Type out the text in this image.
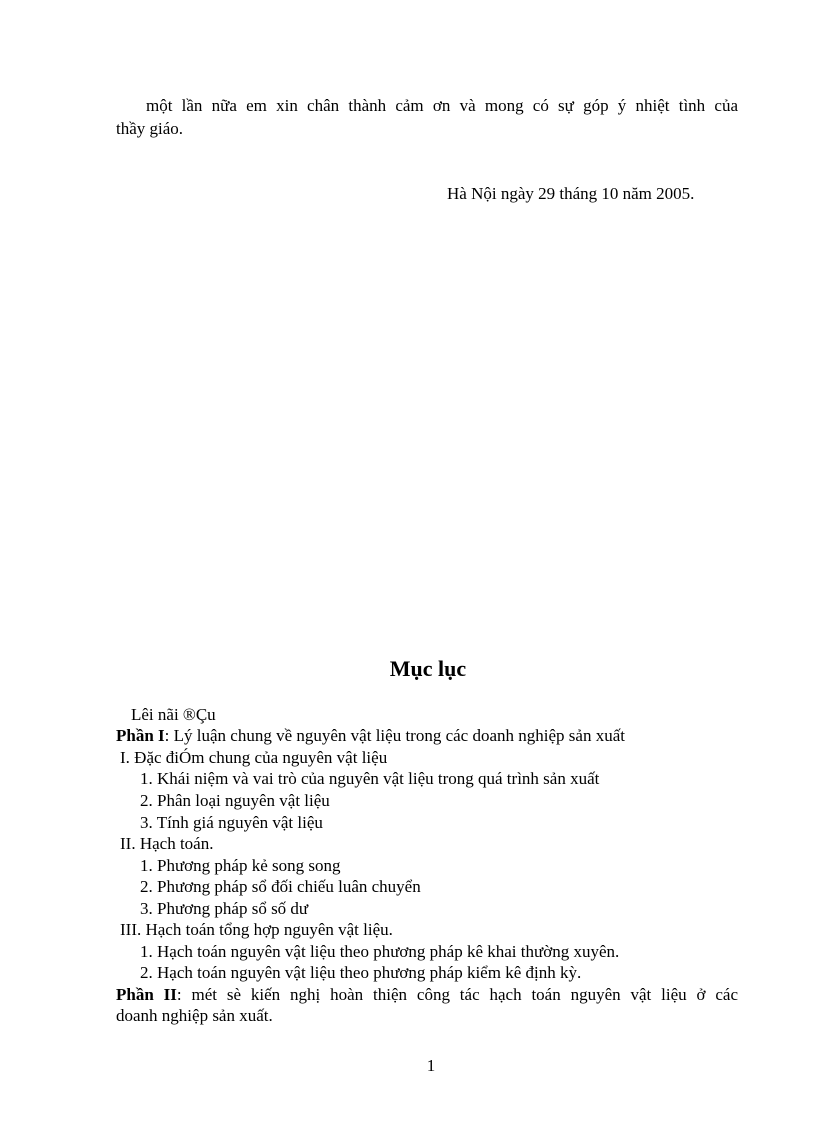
một lần nữa em xin chân thành cảm ơn và mong có sự góp ý nhiệt tình của
thầy giáo.
Hà Nội ngày 29 tháng 10 năm 2005.
Mục lục
Lêi nãi ®Çu
Phần I: Lý luận chung về nguyên vật liệu trong các doanh nghiệp sản xuất
I. Đặc điÓm chung của nguyên vật liệu
1. Khái niệm và vai trò của nguyên vật liệu trong quá trình sản xuất
2. Phân loại nguyên vật liệu
3. Tính giá nguyên vật liệu
II. Hạch toán.
1. Phương pháp kẻ song song
2. Phương pháp sổ đối chiếu luân chuyển
3. Phương pháp sổ số dư
III. Hạch toán tổng hợp nguyên vật liệu.
1. Hạch toán nguyên vật liệu theo phương pháp kê khai thường xuyên.
2. Hạch toán nguyên vật liệu theo phương pháp kiểm kê định kỳ.
Phần II: mét sè kiến nghị hoàn thiện công tác hạch toán nguyên vật liệu ở các
doanh nghiệp sản xuất.
1
